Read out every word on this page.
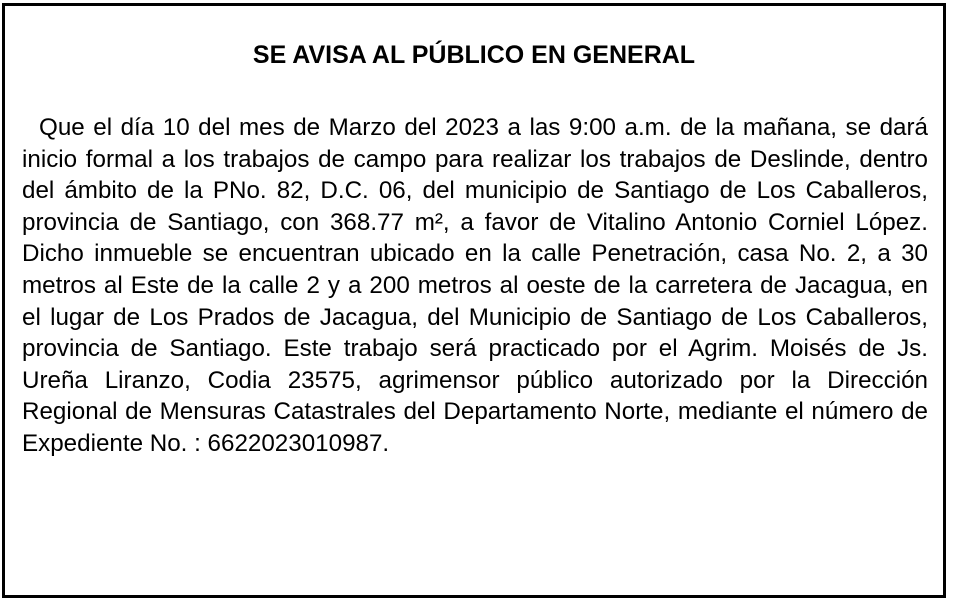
SE AVISA AL PÚBLICO EN GENERAL

Que el día 10 del mes de Marzo del 2023 a las 9:00 a.m. de la mañana, se dará inicio formal a los trabajos de campo para realizar los trabajos de Deslinde, dentro del ámbito de la PNo. 82, D.C. 06, del municipio de Santiago de Los Caballeros, provincia de Santiago, con 368.77 m², a favor de Vitalino Antonio Corniel López. Dicho inmueble se encuentran ubicado en la calle Penetración, casa No. 2, a 30 metros al Este de la calle 2 y a 200 metros al oeste de la carretera de Jacagua, en el lugar de Los Prados de Jacagua, del Municipio de Santiago de Los Caballeros, provincia de Santiago. Este trabajo será practicado por el Agrim. Moisés de Js. Ureña Liranzo, Codia 23575, agrimensor público autorizado por la Dirección Regional de Mensuras Catastrales del Departamento Norte, mediante el número de Expediente No. : 6622023010987.
